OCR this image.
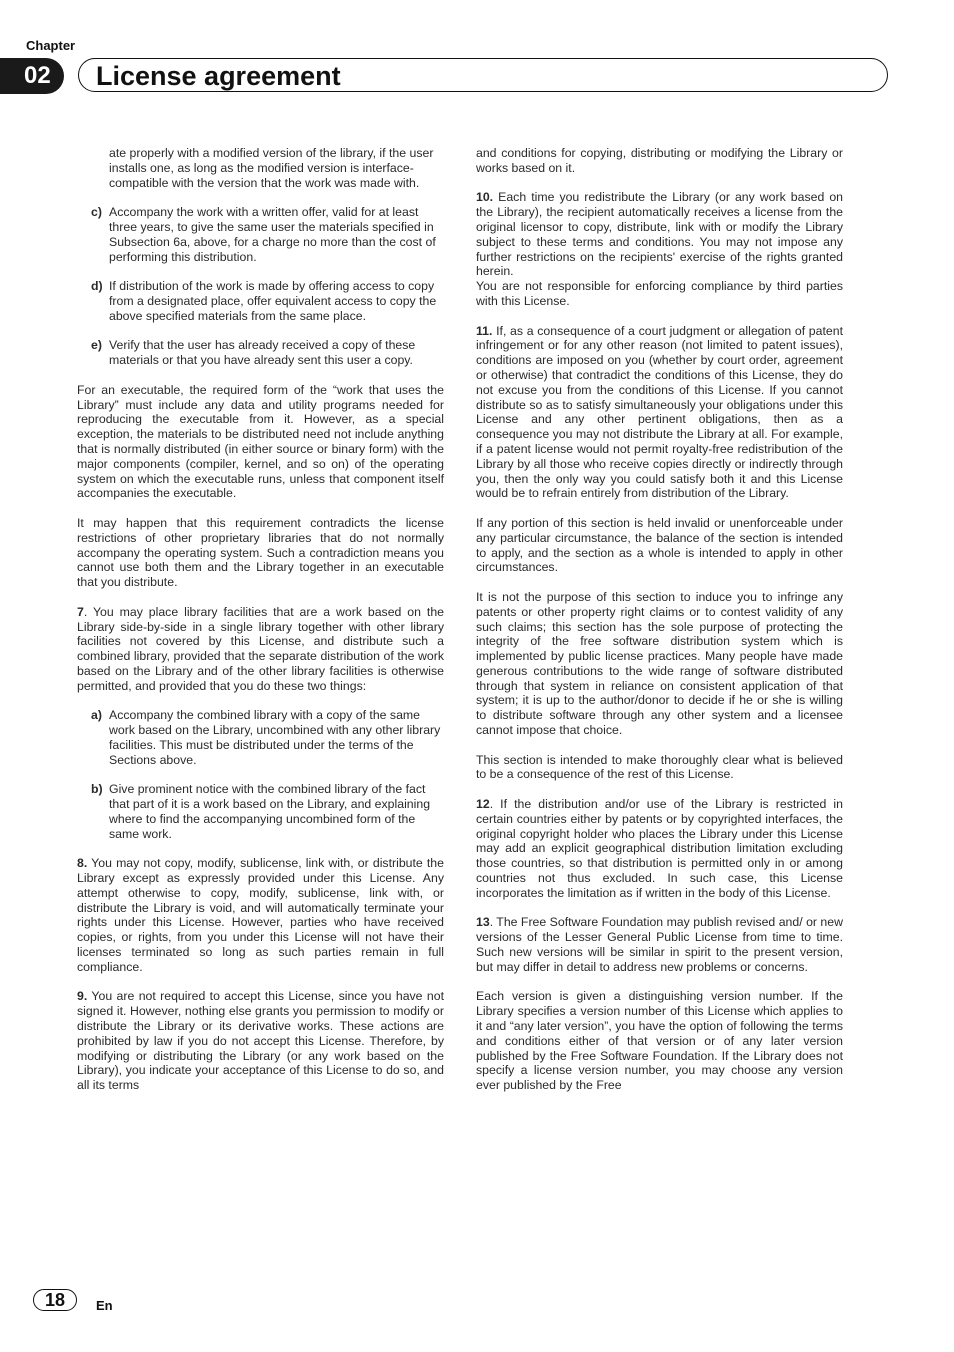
Chapter
02	License agreement
ate properly with a modified version of the library, if the user installs one, as long as the modified version is interface-compatible with the version that the work was made with.
c) Accompany the work with a written offer, valid for at least three years, to give the same user the materials specified in Subsection 6a, above, for a charge no more than the cost of performing this distribution.
d) If distribution of the work is made by offering access to copy from a designated place, offer equivalent access to copy the above specified materials from the same place.
e) Verify that the user has already received a copy of these materials or that you have already sent this user a copy.

For an executable, the required form of the “work that uses the Library” must include any data and utility programs needed for reproducing the executable from it. However, as a special exception, the materials to be distributed need not include anything that is normally distributed (in either source or binary form) with the major components (compiler, kernel, and so on) of the operating system on which the executable runs, unless that component itself accompanies the executable.

It may happen that this requirement contradicts the license restrictions of other proprietary libraries that do not normally accompany the operating system. Such a contradiction means you cannot use both them and the Library together in an executable that you distribute.

7. You may place library facilities that are a work based on the Library side-by-side in a single library together with other library facilities not covered by this License, and distribute such a combined library, provided that the separate distribution of the work based on the Library and of the other library facilities is otherwise permitted, and provided that you do these two things:

a) Accompany the combined library with a copy of the same work based on the Library, uncombined with any other library facilities. This must be distributed under the terms of the Sections above.
b) Give prominent notice with the combined library of the fact that part of it is a work based on the Library, and explaining where to find the accompanying uncombined form of the same work.

8. You may not copy, modify, sublicense, link with, or distribute the Library except as expressly provided under this License. Any attempt otherwise to copy, modify, sublicense, link with, or distribute the Library is void, and will automatically terminate your rights under this License. However, parties who have received copies, or rights, from you under this License will not have their licenses terminated so long as such parties remain in full compliance.

9. You are not required to accept this License, since you have not signed it. However, nothing else grants you permission to modify or distribute the Library or its derivative works. These actions are prohibited by law if you do not accept this License. Therefore, by modifying or distributing the Library (or any work based on the Library), you indicate your acceptance of this License to do so, and all its terms

and conditions for copying, distributing or modifying the Library or works based on it.

10. Each time you redistribute the Library (or any work based on the Library), the recipient automatically receives a license from the original licensor to copy, distribute, link with or modify the Library subject to these terms and conditions. You may not impose any further restrictions on the recipients' exercise of the rights granted herein.

You are not responsible for enforcing compliance by third parties with this License.

11. If, as a consequence of a court judgment or allegation of patent infringement or for any other reason (not limited to patent issues), conditions are imposed on you (whether by court order, agreement or otherwise) that contradict the conditions of this License, they do not excuse you from the conditions of this License. If you cannot distribute so as to satisfy simultaneously your obligations under this License and any other pertinent obligations, then as a consequence you may not distribute the Library at all. For example, if a patent license would not permit royalty-free redistribution of the Library by all those who receive copies directly or indirectly through you, then the only way you could satisfy both it and this License would be to refrain entirely from distribution of the Library.

If any portion of this section is held invalid or unenforceable under any particular circumstance, the balance of the section is intended to apply, and the section as a whole is intended to apply in other circumstances.

It is not the purpose of this section to induce you to infringe any patents or other property right claims or to contest validity of any such claims; this section has the sole purpose of protecting the integrity of the free software distribution system which is implemented by public license practices. Many people have made generous contributions to the wide range of software distributed through that system in reliance on consistent application of that system; it is up to the author/donor to decide if he or she is willing to distribute software through any other system and a licensee cannot impose that choice.

This section is intended to make thoroughly clear what is believed to be a consequence of the rest of this License.

12. If the distribution and/or use of the Library is restricted in certain countries either by patents or by copyrighted interfaces, the original copyright holder who places the Library under this License may add an explicit geographical distribution limitation excluding those countries, so that distribution is permitted only in or among countries not thus excluded. In such case, this License incorporates the limitation as if written in the body of this License.

13. The Free Software Foundation may publish revised and/ or new versions of the Lesser General Public License from time to time. Such new versions will be similar in spirit to the present version, but may differ in detail to address new problems or concerns.

Each version is given a distinguishing version number. If the Library specifies a version number of this License which applies to it and “any later version”, you have the option of following the terms and conditions either of that version or of any later version published by the Free Software Foundation. If the Library does not specify a license version number, you may choose any version ever published by the Free

18	En
